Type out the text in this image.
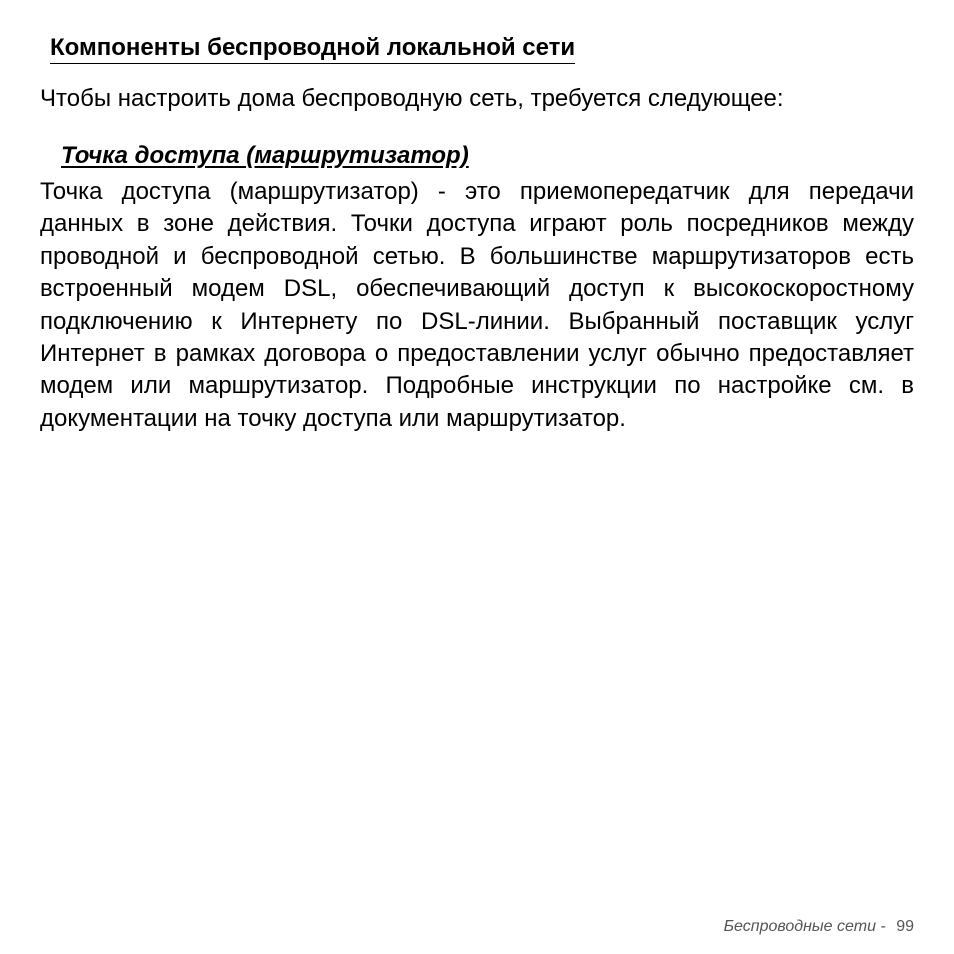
Компоненты беспроводной локальной сети

Чтобы настроить дома беспроводную сеть, требуется следующее:

Точка доступа (маршрутизатор)

Точка доступа (маршрутизатор) - это приемопередатчик для передачи данных в зоне действия. Точки доступа играют роль посредников между проводной и беспроводной сетью. В большинстве маршрутизаторов есть встроенный модем DSL, обеспечивающий доступ к высокоскоростному подключению к Интернету по DSL-линии. Выбранный поставщик услуг Интернет в рамках договора о предоставлении услуг обычно предоставляет модем или маршрутизатор. Подробные инструкции по настройке см. в документации на точку доступа или маршрутизатор.

Беспроводные сети - 99
